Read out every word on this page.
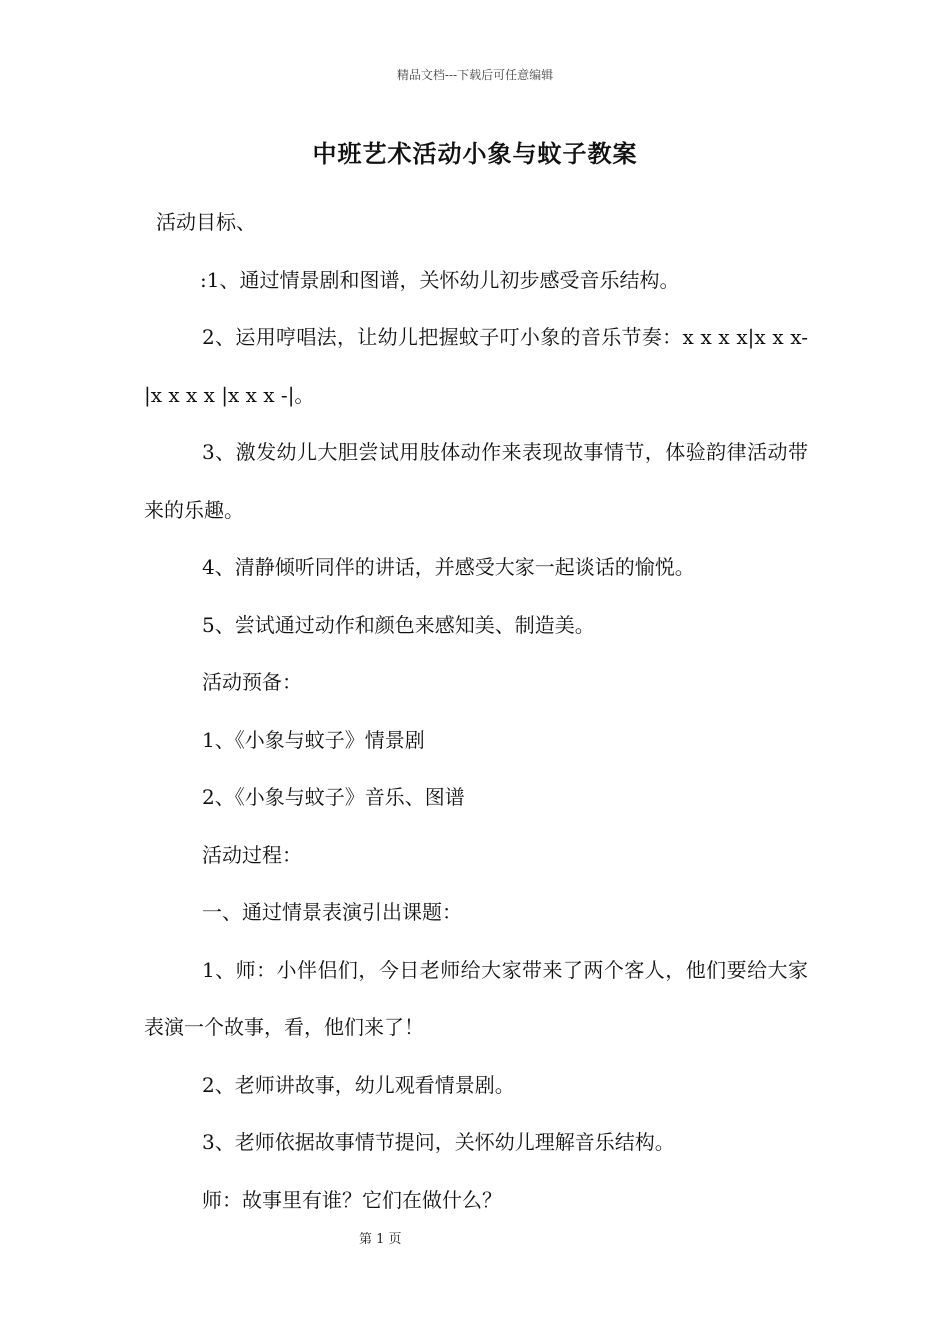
精品文档---下载后可任意编辑
中班艺术活动小象与蚊子教案

活动目标、

:1、通过情景剧和图谱，关怀幼儿初步感受音乐结构。

2、运用哼唱法，让幼儿把握蚊子叮小象的音乐节奏：x x x x|x x x-|x x x x |x x x -|。

3、激发幼儿大胆尝试用肢体动作来表现故事情节，体验韵律活动带来的乐趣。

4、清静倾听同伴的讲话，并感受大家一起谈话的愉悦。

5、尝试通过动作和颜色来感知美、制造美。

活动预备：

1、《小象与蚊子》情景剧

2、《小象与蚊子》音乐、图谱

活动过程：

一、通过情景表演引出课题：

1、师：小伴侣们，今日老师给大家带来了两个客人，他们要给大家表演一个故事，看，他们来了！

2、老师讲故事，幼儿观看情景剧。

3、老师依据故事情节提问，关怀幼儿理解音乐结构。

师：故事里有谁？它们在做什么？

第 1 页
